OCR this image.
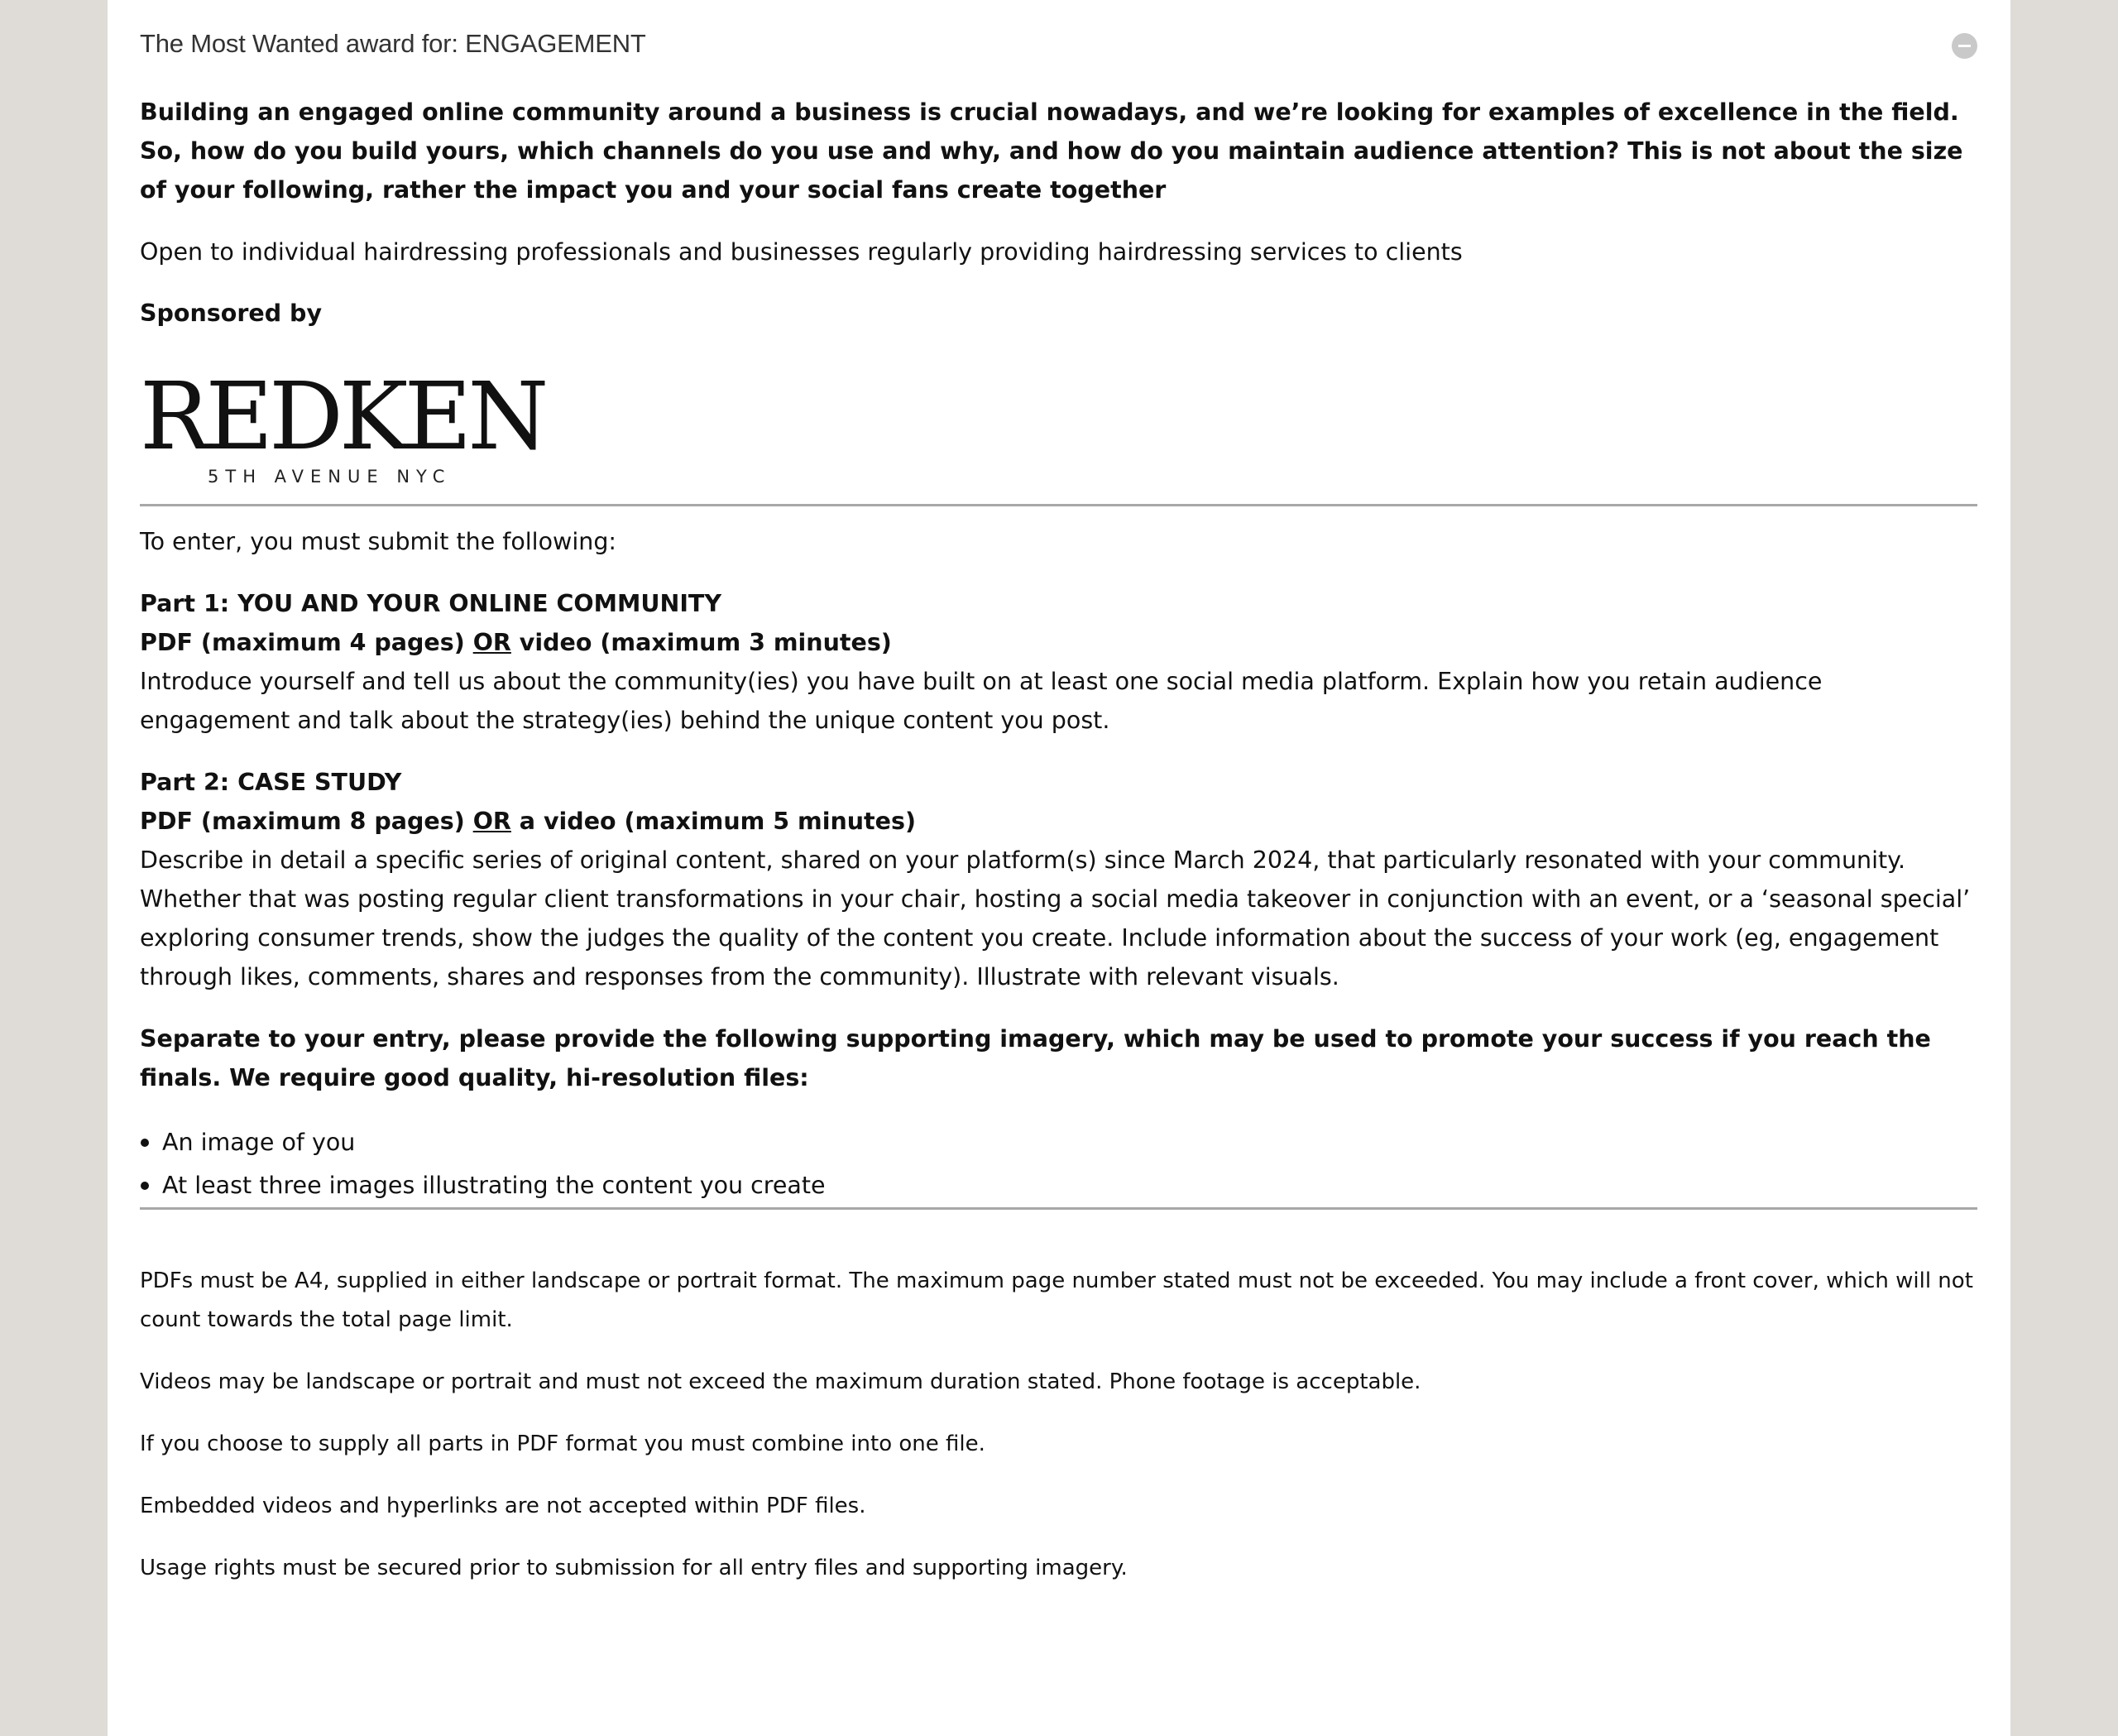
The Most Wanted award for: ENGAGEMENT

Building an engaged online community around a business is crucial nowadays, and we’re looking for examples of excellence in the field. So, how do you build yours, which channels do you use and why, and how do you maintain audience attention? This is not about the size of your following, rather the impact you and your social fans create together

Open to individual hairdressing professionals and businesses regularly providing hairdressing services to clients

Sponsored by

REDKEN
5TH AVENUE NYC

To enter, you must submit the following:

Part 1: YOU AND YOUR ONLINE COMMUNITY

PDF (maximum 4 pages) OR video (maximum 3 minutes)

Introduce yourself and tell us about the community(ies) you have built on at least one social media platform. Explain how you retain audience engagement and talk about the strategy(ies) behind the unique content you post.

Part 2: CASE STUDY

PDF (maximum 8 pages) OR a video (maximum 5 minutes)

Describe in detail a specific series of original content, shared on your platform(s) since March 2024, that particularly resonated with your community. Whether that was posting regular client transformations in your chair, hosting a social media takeover in conjunction with an event, or a ‘seasonal special’ exploring consumer trends, show the judges the quality of the content you create. Include information about the success of your work (eg, engagement through likes, comments, shares and responses from the community). Illustrate with relevant visuals.

Separate to your entry, please provide the following supporting imagery, which may be used to promote your success if you reach the finals. We require good quality, hi-resolution files:

An image of you
At least three images illustrating the content you create

PDFs must be A4, supplied in either landscape or portrait format. The maximum page number stated must not be exceeded. You may include a front cover, which will not count towards the total page limit.

Videos may be landscape or portrait and must not exceed the maximum duration stated. Phone footage is acceptable.

If you choose to supply all parts in PDF format you must combine into one file.

Embedded videos and hyperlinks are not accepted within PDF files.

Usage rights must be secured prior to submission for all entry files and supporting imagery.
